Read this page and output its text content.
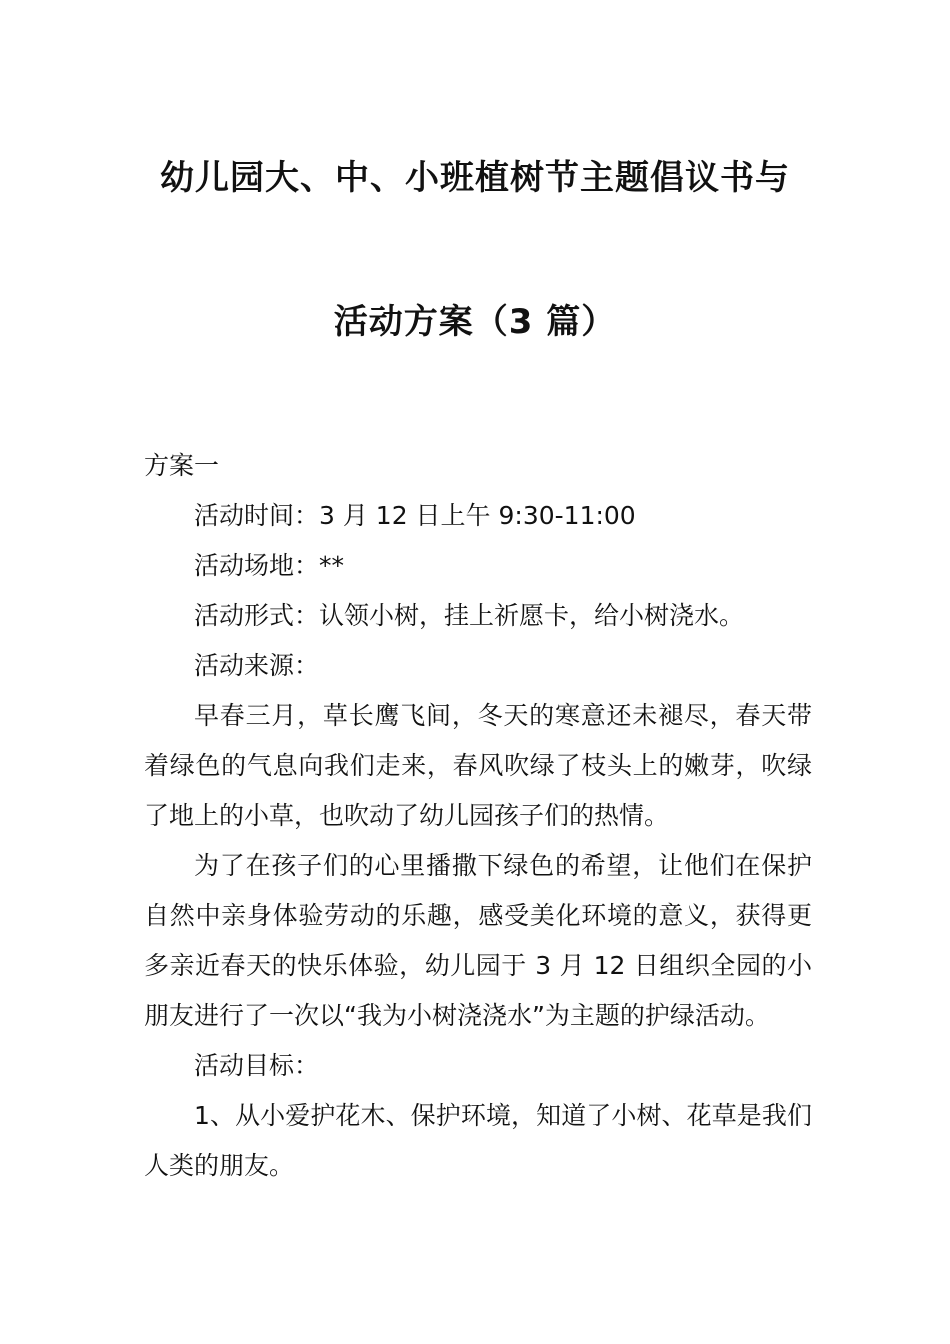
幼儿园大、中、小班植树节主题倡议书与
活动方案（3 篇）

方案一

活动时间：3 月 12 日上午 9:30-11:00

活动场地：**

活动形式：认领小树，挂上祈愿卡，给小树浇水。

活动来源：

早春三月，草长鹰飞间，冬天的寒意还未褪尽，春天带着绿色的气息向我们走来，春风吹绿了枝头上的嫩芽，吹绿了地上的小草，也吹动了幼儿园孩子们的热情。

为了在孩子们的心里播撒下绿色的希望，让他们在保护自然中亲身体验劳动的乐趣，感受美化环境的意义，获得更多亲近春天的快乐体验，幼儿园于 3 月 12 日组织全园的小朋友进行了一次以“我为小树浇浇水”为主题的护绿活动。

活动目标：

1、从小爱护花木、保护环境，知道了小树、花草是我们人类的朋友。
